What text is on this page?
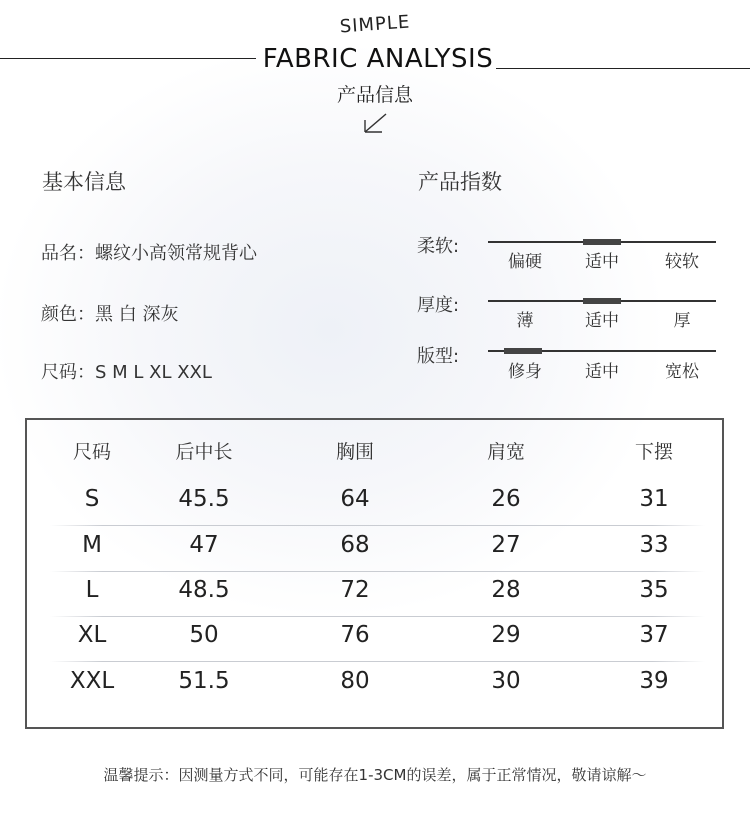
SIMPLE
FABRIC ANALYSIS
产品信息
基本信息
品名：螺纹小高领常规背心
颜色：黑 白 深灰
尺码：S M L XL XXL
产品指数
柔软:
偏硬	适中	较软
厚度:
薄	适中	厚
版型:
修身	适中	宽松
尺码	后中长	胸围	肩宽	下摆
S	45.5	64	26	31
M	47	68	27	33
L	48.5	72	28	35
XL	50	76	29	37
XXL	51.5	80	30	39
温馨提示：因测量方式不同，可能存在1-3CM的误差，属于正常情况，敬请谅解～
